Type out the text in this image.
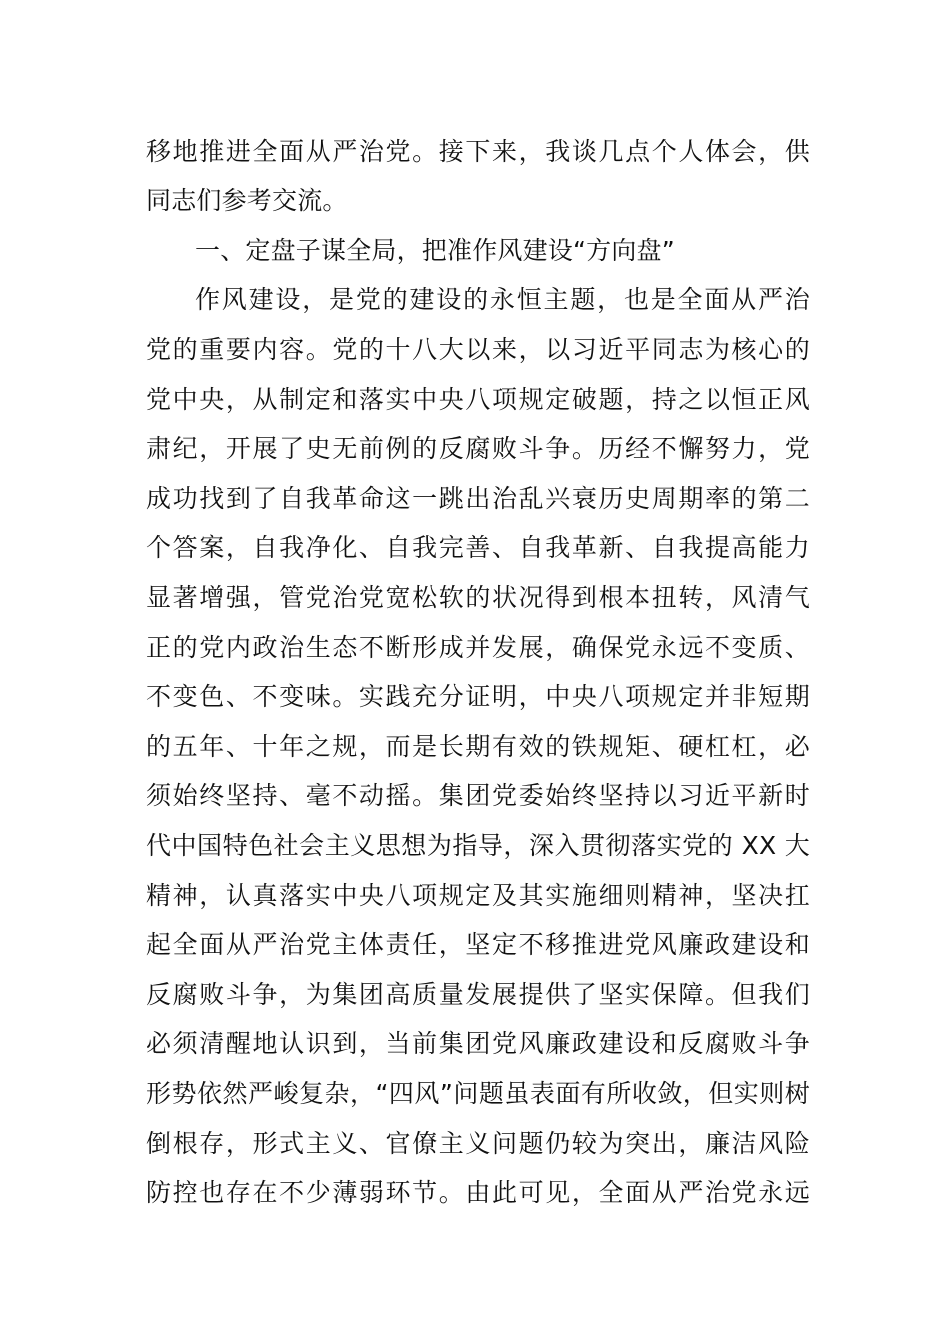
移地推进全面从严治党。接下来，我谈几点个人体会，供
同志们参考交流。
一、定盘子谋全局，把准作风建设“方向盘”
作风建设，是党的建设的永恒主题，也是全面从严治
党的重要内容。党的十八大以来，以习近平同志为核心的
党中央，从制定和落实中央八项规定破题，持之以恒正风
肃纪，开展了史无前例的反腐败斗争。历经不懈努力，党
成功找到了自我革命这一跳出治乱兴衰历史周期率的第二
个答案，自我净化、自我完善、自我革新、自我提高能力
显著增强，管党治党宽松软的状况得到根本扭转，风清气
正的党内政治生态不断形成并发展，确保党永远不变质、
不变色、不变味。实践充分证明，中央八项规定并非短期
的五年、十年之规，而是长期有效的铁规矩、硬杠杠，必
须始终坚持、毫不动摇。集团党委始终坚持以习近平新时
代中国特色社会主义思想为指导，深入贯彻落实党的 XX 大
精神，认真落实中央八项规定及其实施细则精神，坚决扛
起全面从严治党主体责任，坚定不移推进党风廉政建设和
反腐败斗争，为集团高质量发展提供了坚实保障。但我们
必须清醒地认识到，当前集团党风廉政建设和反腐败斗争
形势依然严峻复杂，“四风”问题虽表面有所收敛，但实则树
倒根存，形式主义、官僚主义问题仍较为突出，廉洁风险
防控也存在不少薄弱环节。由此可见，全面从严治党永远
